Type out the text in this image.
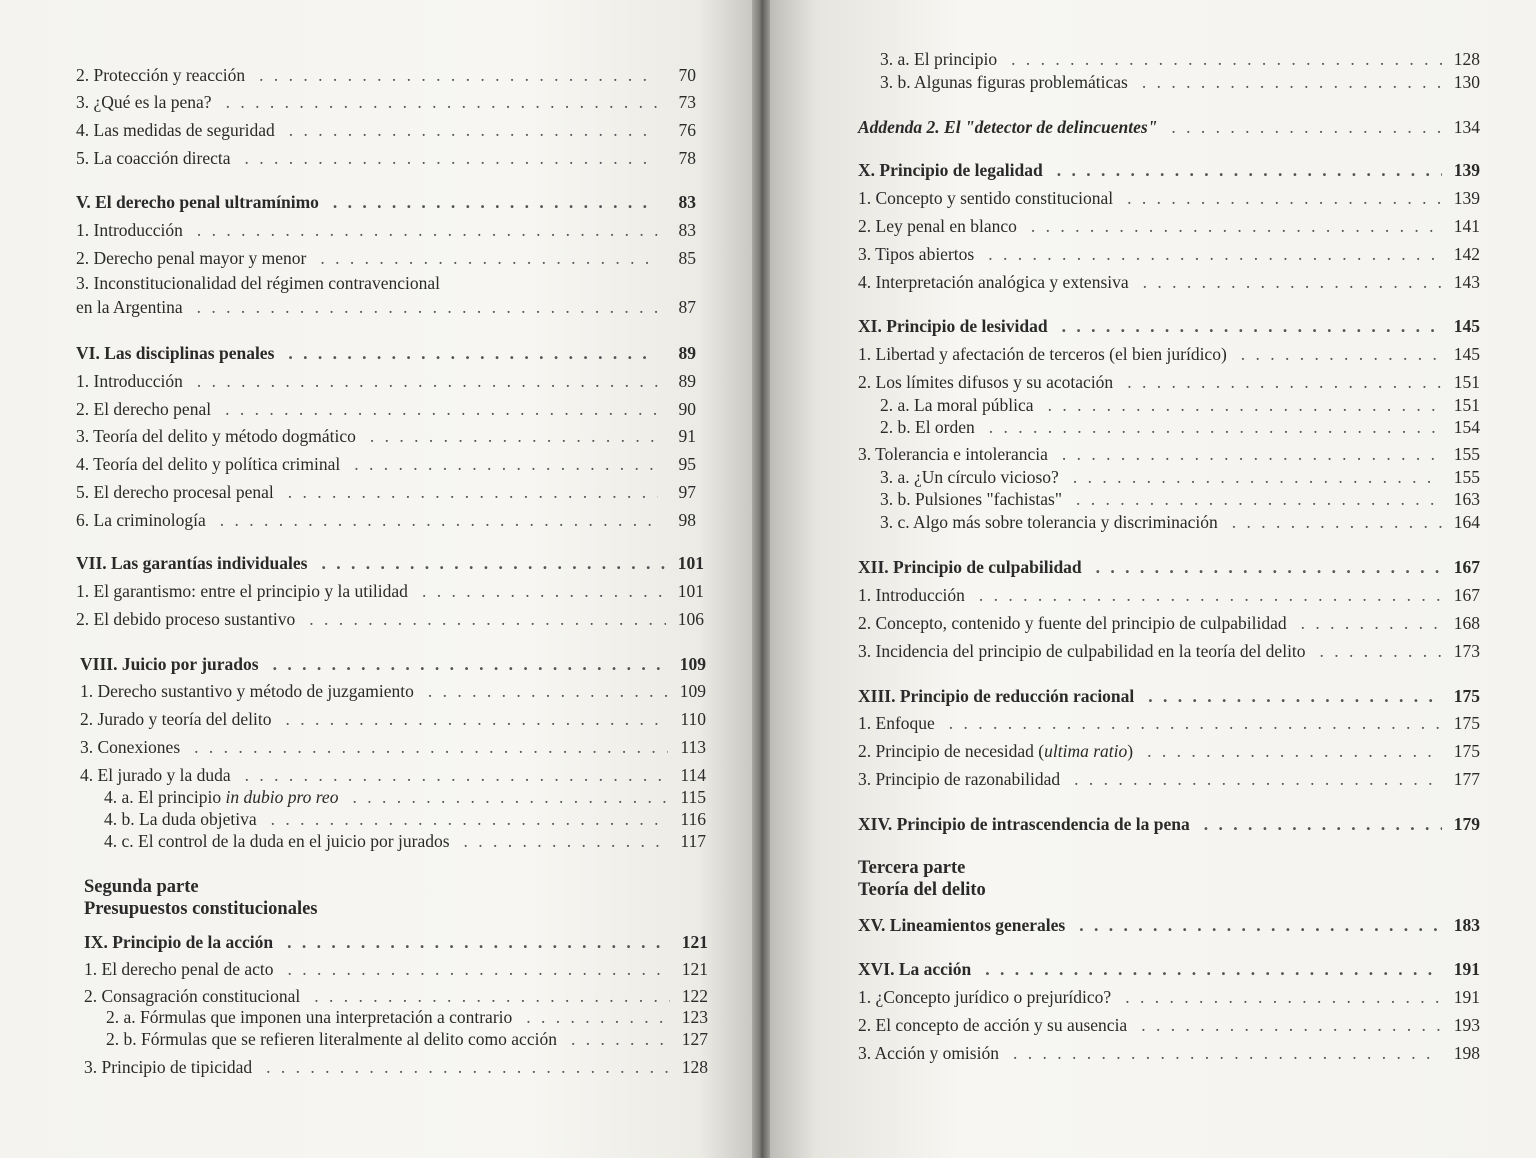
2. Protección y reacción . . .	70
3. ¿Qué es la pena? . . .	73
4. Las medidas de seguridad . . .	76
5. La coacción directa . . .	78
V. El derecho penal ultramínimo . . .	83
1. Introducción . . .	83
2. Derecho penal mayor y menor . . .	85
3. Inconstitucionalidad del régimen contravencional
en la Argentina . . .	87
VI. Las disciplinas penales . . .	89
1. Introducción . . .	89
2. El derecho penal . . .	90
3. Teoría del delito y método dogmático . . .	91
4. Teoría del delito y política criminal . . .	95
5. El derecho procesal penal . . .	97
6. La criminología . . .	98
VII. Las garantías individuales . . .	101
1. El garantismo: entre el principio y la utilidad . . .	101
2. El debido proceso sustantivo . . .	106
VIII. Juicio por jurados . . .	109
1. Derecho sustantivo y método de juzgamiento . . .	109
2. Jurado y teoría del delito . . .	110
3. Conexiones . . .	113
4. El jurado y la duda . . .	114
4. a. El principio in dubio pro reo . . .	115
4. b. La duda objetiva . . .	116
4. c. El control de la duda en el juicio por jurados . . .	117
Segunda parte
Presupuestos constitucionales
IX. Principio de la acción . . .	121
1. El derecho penal de acto . . .	121
2. Consagración constitucional . . .	122
2. a. Fórmulas que imponen una interpretación a contrario . . .	123
2. b. Fórmulas que se refieren literalmente al delito como acción . . .	127
3. Principio de tipicidad . . .	128
3. a. El principio . . .	128
3. b. Algunas figuras problemáticas . . .	130
Addenda 2. El "detector de delincuentes" . . .	134
X. Principio de legalidad . . .	139
1. Concepto y sentido constitucional . . .	139
2. Ley penal en blanco . . .	141
3. Tipos abiertos . . .	142
4. Interpretación analógica y extensiva . . .	143
XI. Principio de lesividad . . .	145
1. Libertad y afectación de terceros (el bien jurídico) . . .	145
2. Los límites difusos y su acotación . . .	151
2. a. La moral pública . . .	151
2. b. El orden . . .	154
3. Tolerancia e intolerancia . . .	155
3. a. ¿Un círculo vicioso? . . .	155
3. b. Pulsiones "fachistas" . . .	163
3. c. Algo más sobre tolerancia y discriminación . . .	164
XII. Principio de culpabilidad . . .	167
1. Introducción . . .	167
2. Concepto, contenido y fuente del principio de culpabilidad . . .	168
3. Incidencia del principio de culpabilidad en la teoría del delito . . .	173
XIII. Principio de reducción racional . . .	175
1. Enfoque . . .	175
2. Principio de necesidad (ultima ratio) . . .	175
3. Principio de razonabilidad . . .	177
XIV. Principio de intrascendencia de la pena . . .	179
Tercera parte
Teoría del delito
XV. Lineamientos generales . . .	183
XVI. La acción . . .	191
1. ¿Concepto jurídico o prejurídico? . . .	191
2. El concepto de acción y su ausencia . . .	193
3. Acción y omisión . . .	198
